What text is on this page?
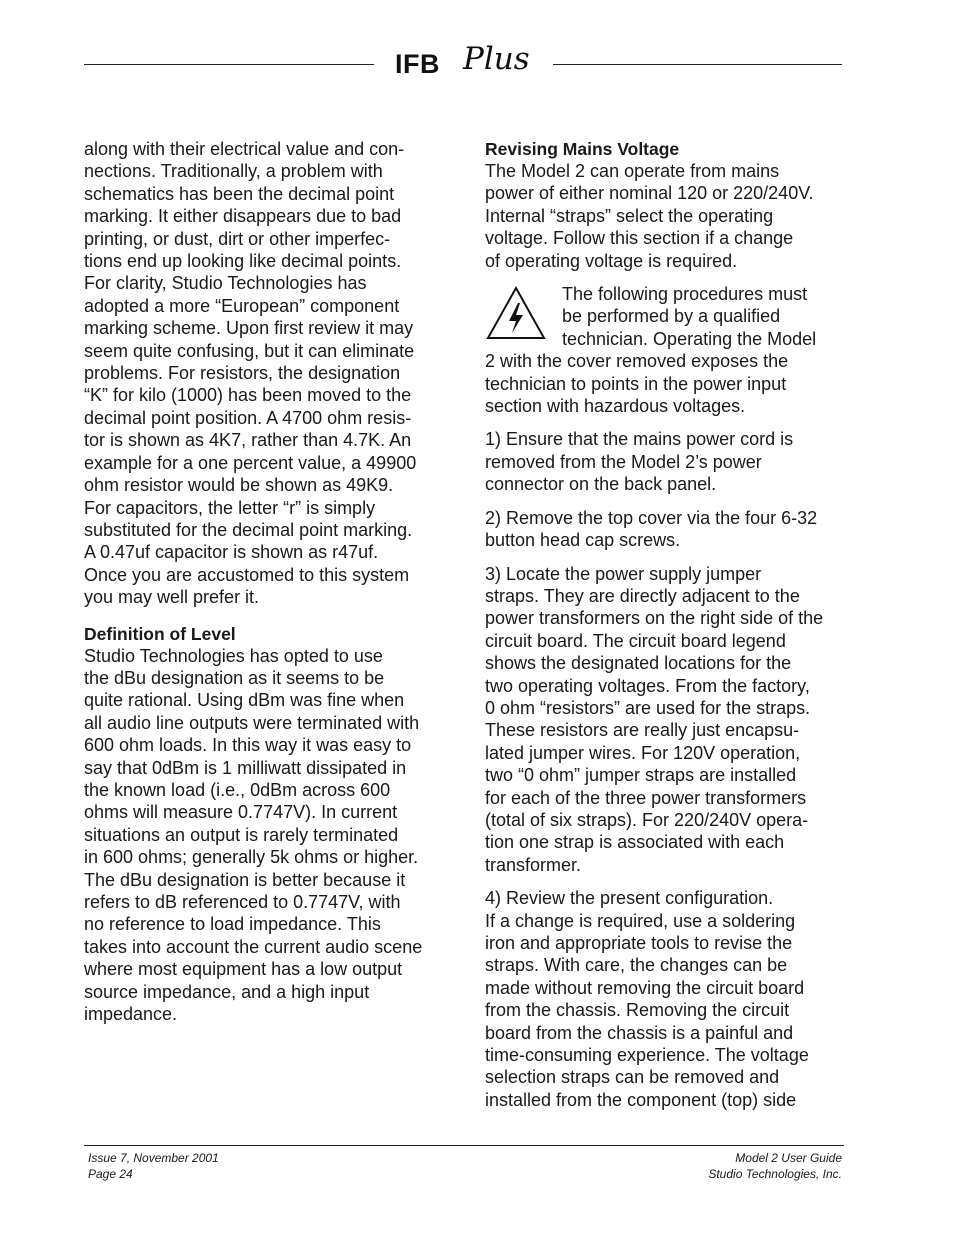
IFB Plus

along with their electrical value and con-
nections. Traditionally, a problem with
schematics has been the decimal point
marking. It either disappears due to bad
printing, or dust, dirt or other imperfec-
tions end up looking like decimal points.
For clarity, Studio Technologies has
adopted a more “European” component
marking scheme. Upon first review it may
seem quite confusing, but it can eliminate
problems. For resistors, the designation
“K” for kilo (1000) has been moved to the
decimal point position. A 4700 ohm resis-
tor is shown as 4K7, rather than 4.7K. An
example for a one percent value, a 49900
ohm resistor would be shown as 49K9.
For capacitors, the letter “r” is simply
substituted for the decimal point marking.
A 0.47uf capacitor is shown as r47uf.
Once you are accustomed to this system
you may well prefer it.

Definition of Level

Studio Technologies has opted to use
the dBu designation as it seems to be
quite rational. Using dBm was fine when
all audio line outputs were terminated with
600 ohm loads. In this way it was easy to
say that 0dBm is 1 milliwatt dissipated in
the known load (i.e., 0dBm across 600
ohms will measure 0.7747V). In current
situations an output is rarely terminated
in 600 ohms; generally 5k ohms or higher.
The dBu designation is better because it
refers to dB referenced to 0.7747V, with
no reference to load impedance. This
takes into account the current audio scene
where most equipment has a low output
source impedance, and a high input
impedance.

Revising Mains Voltage

The Model 2 can operate from mains
power of either nominal 120 or 220/240V.
Internal “straps” select the operating
voltage. Follow this section if a change
of operating voltage is required.

The following procedures must
be performed by a qualified
technician. Operating the Model

2 with the cover removed exposes the
technician to points in the power input
section with hazardous voltages.

1) Ensure that the mains power cord is
removed from the Model 2’s power
connector on the back panel.

2) Remove the top cover via the four 6-32
button head cap screws.

3) Locate the power supply jumper
straps. They are directly adjacent to the
power transformers on the right side of the
circuit board. The circuit board legend
shows the designated locations for the
two operating voltages. From the factory,
0 ohm “resistors” are used for the straps.
These resistors are really just encapsu-
lated jumper wires. For 120V operation,
two “0 ohm” jumper straps are installed
for each of the three power transformers
(total of six straps). For 220/240V opera-
tion one strap is associated with each
transformer.

4) Review the present configuration.
If a change is required, use a soldering
iron and appropriate tools to revise the
straps. With care, the changes can be
made without removing the circuit board
from the chassis. Removing the circuit
board from the chassis is a painful and
time-consuming experience. The voltage
selection straps can be removed and
installed from the component (top) side

Issue 7, November 2001
Page 24
Model 2 User Guide
Studio Technologies, Inc.
